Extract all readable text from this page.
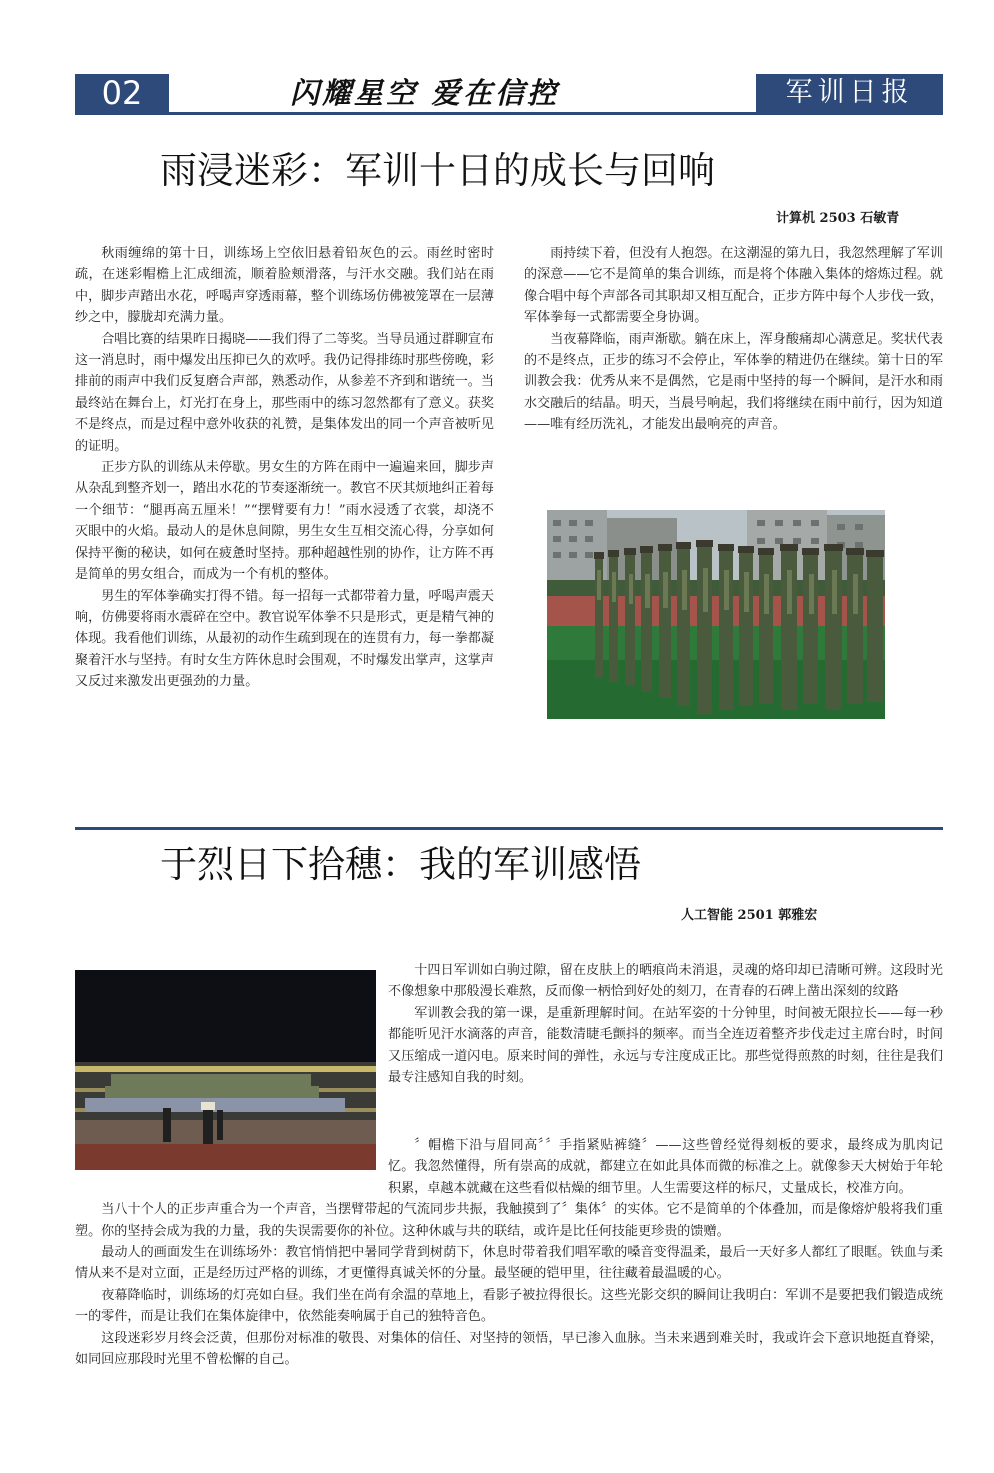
02	闪耀星空 爱在信控	军训日报
雨浸迷彩：军训十日的成长与回响
计算机 2503 石敏青

秋雨缠绵的第十日，训练场上空依旧悬着铅灰色的云。雨丝时密时疏，在迷彩帽檐上汇成细流，顺着脸颊滑落，与汗水交融。我们站在雨中，脚步声踏出水花，呼喝声穿透雨幕，整个训练场仿佛被笼罩在一层薄纱之中，朦胧却充满力量。

合唱比赛的结果昨日揭晓——我们得了二等奖。当导员通过群聊宣布这一消息时，雨中爆发出压抑已久的欢呼。我仍记得排练时那些傍晚，彩排前的雨声中我们反复磨合声部，熟悉动作，从参差不齐到和谐统一。当最终站在舞台上，灯光打在身上，那些雨中的练习忽然都有了意义。获奖不是终点，而是过程中意外收获的礼赞，是集体发出的同一个声音被听见的证明。

正步方队的训练从未停歇。男女生的方阵在雨中一遍遍来回，脚步声从杂乱到整齐划一，踏出水花的节奏逐渐统一。教官不厌其烦地纠正着每一个细节：“腿再高五厘米！”“摆臂要有力！”雨水浸透了衣裳，却浇不灭眼中的火焰。最动人的是休息间隙，男生女生互相交流心得，分享如何保持平衡的秘诀，如何在疲惫时坚持。那种超越性别的协作，让方阵不再是简单的男女组合，而成为一个有机的整体。

男生的军体拳确实打得不错。每一招每一式都带着力量，呼喝声震天响，仿佛要将雨水震碎在空中。教官说军体拳不只是形式，更是精气神的体现。我看他们训练，从最初的动作生疏到现在的连贯有力，每一拳都凝聚着汗水与坚持。有时女生方阵休息时会围观，不时爆发出掌声，这掌声又反过来激发出更强劲的力量。

雨持续下着，但没有人抱怨。在这潮湿的第九日，我忽然理解了军训的深意——它不是简单的集合训练，而是将个体融入集体的熔炼过程。就像合唱中每个声部各司其职却又相互配合，正步方阵中每个人步伐一致，军体拳每一式都需要全身协调。

当夜幕降临，雨声渐歇。躺在床上，浑身酸痛却心满意足。奖状代表的不是终点，正步的练习不会停止，军体拳的精进仍在继续。第十日的军训教会我：优秀从来不是偶然，它是雨中坚持的每一个瞬间，是汗水和雨水交融后的结晶。明天，当晨号响起，我们将继续在雨中前行，因为知道——唯有经历洗礼，才能发出最响亮的声音。

于烈日下拾穗：我的军训感悟
人工智能 2501 郭雅宏

十四日军训如白驹过隙，留在皮肤上的晒痕尚未消退，灵魂的烙印却已清晰可辨。这段时光不像想象中那般漫长难熬，反而像一柄恰到好处的刻刀，在青春的石碑上凿出深刻的纹路

军训教会我的第一课，是重新理解时间。在站军姿的十分钟里，时间被无限拉长——每一秒都能听见汗水滴落的声音，能数清睫毛颤抖的频率。而当全连迈着整齐步伐走过主席台时，时间又压缩成一道闪电。原来时间的弹性，永远与专注度成正比。那些觉得煎熬的时刻，往往是我们最专注感知自我的时刻。

〞帽檐下沿与眉同高〞〞手指紧贴裤缝〞——这些曾经觉得刻板的要求，最终成为肌肉记忆。我忽然懂得，所有崇高的成就，都建立在如此具体而微的标准之上。就像参天大树始于年轮积累，卓越本就藏在这些看似枯燥的细节里。人生需要这样的标尺，丈量成长，校准方向。

当八十个人的正步声重合为一个声音，当摆臂带起的气流同步共振，我触摸到了〞集体〞的实体。它不是简单的个体叠加，而是像熔炉般将我们重塑。你的坚持会成为我的力量，我的失误需要你的补位。这种休戚与共的联结，或许是比任何技能更珍贵的馈赠。

最动人的画面发生在训练场外：教官悄悄把中暑同学背到树荫下，休息时带着我们唱军歌的嗓音变得温柔，最后一天好多人都红了眼眶。铁血与柔情从来不是对立面，正是经历过严格的训练，才更懂得真诚关怀的分量。最坚硬的铠甲里，往往藏着最温暖的心。

夜幕降临时，训练场的灯亮如白昼。我们坐在尚有余温的草地上，看影子被拉得很长。这些光影交织的瞬间让我明白：军训不是要把我们锻造成统一的零件，而是让我们在集体旋律中，依然能奏响属于自己的独特音色。

这段迷彩岁月终会泛黄，但那份对标准的敬畏、对集体的信任、对坚持的领悟，早已渗入血脉。当未来遇到难关时，我或许会下意识地挺直脊梁，如同回应那段时光里不曾松懈的自己。
